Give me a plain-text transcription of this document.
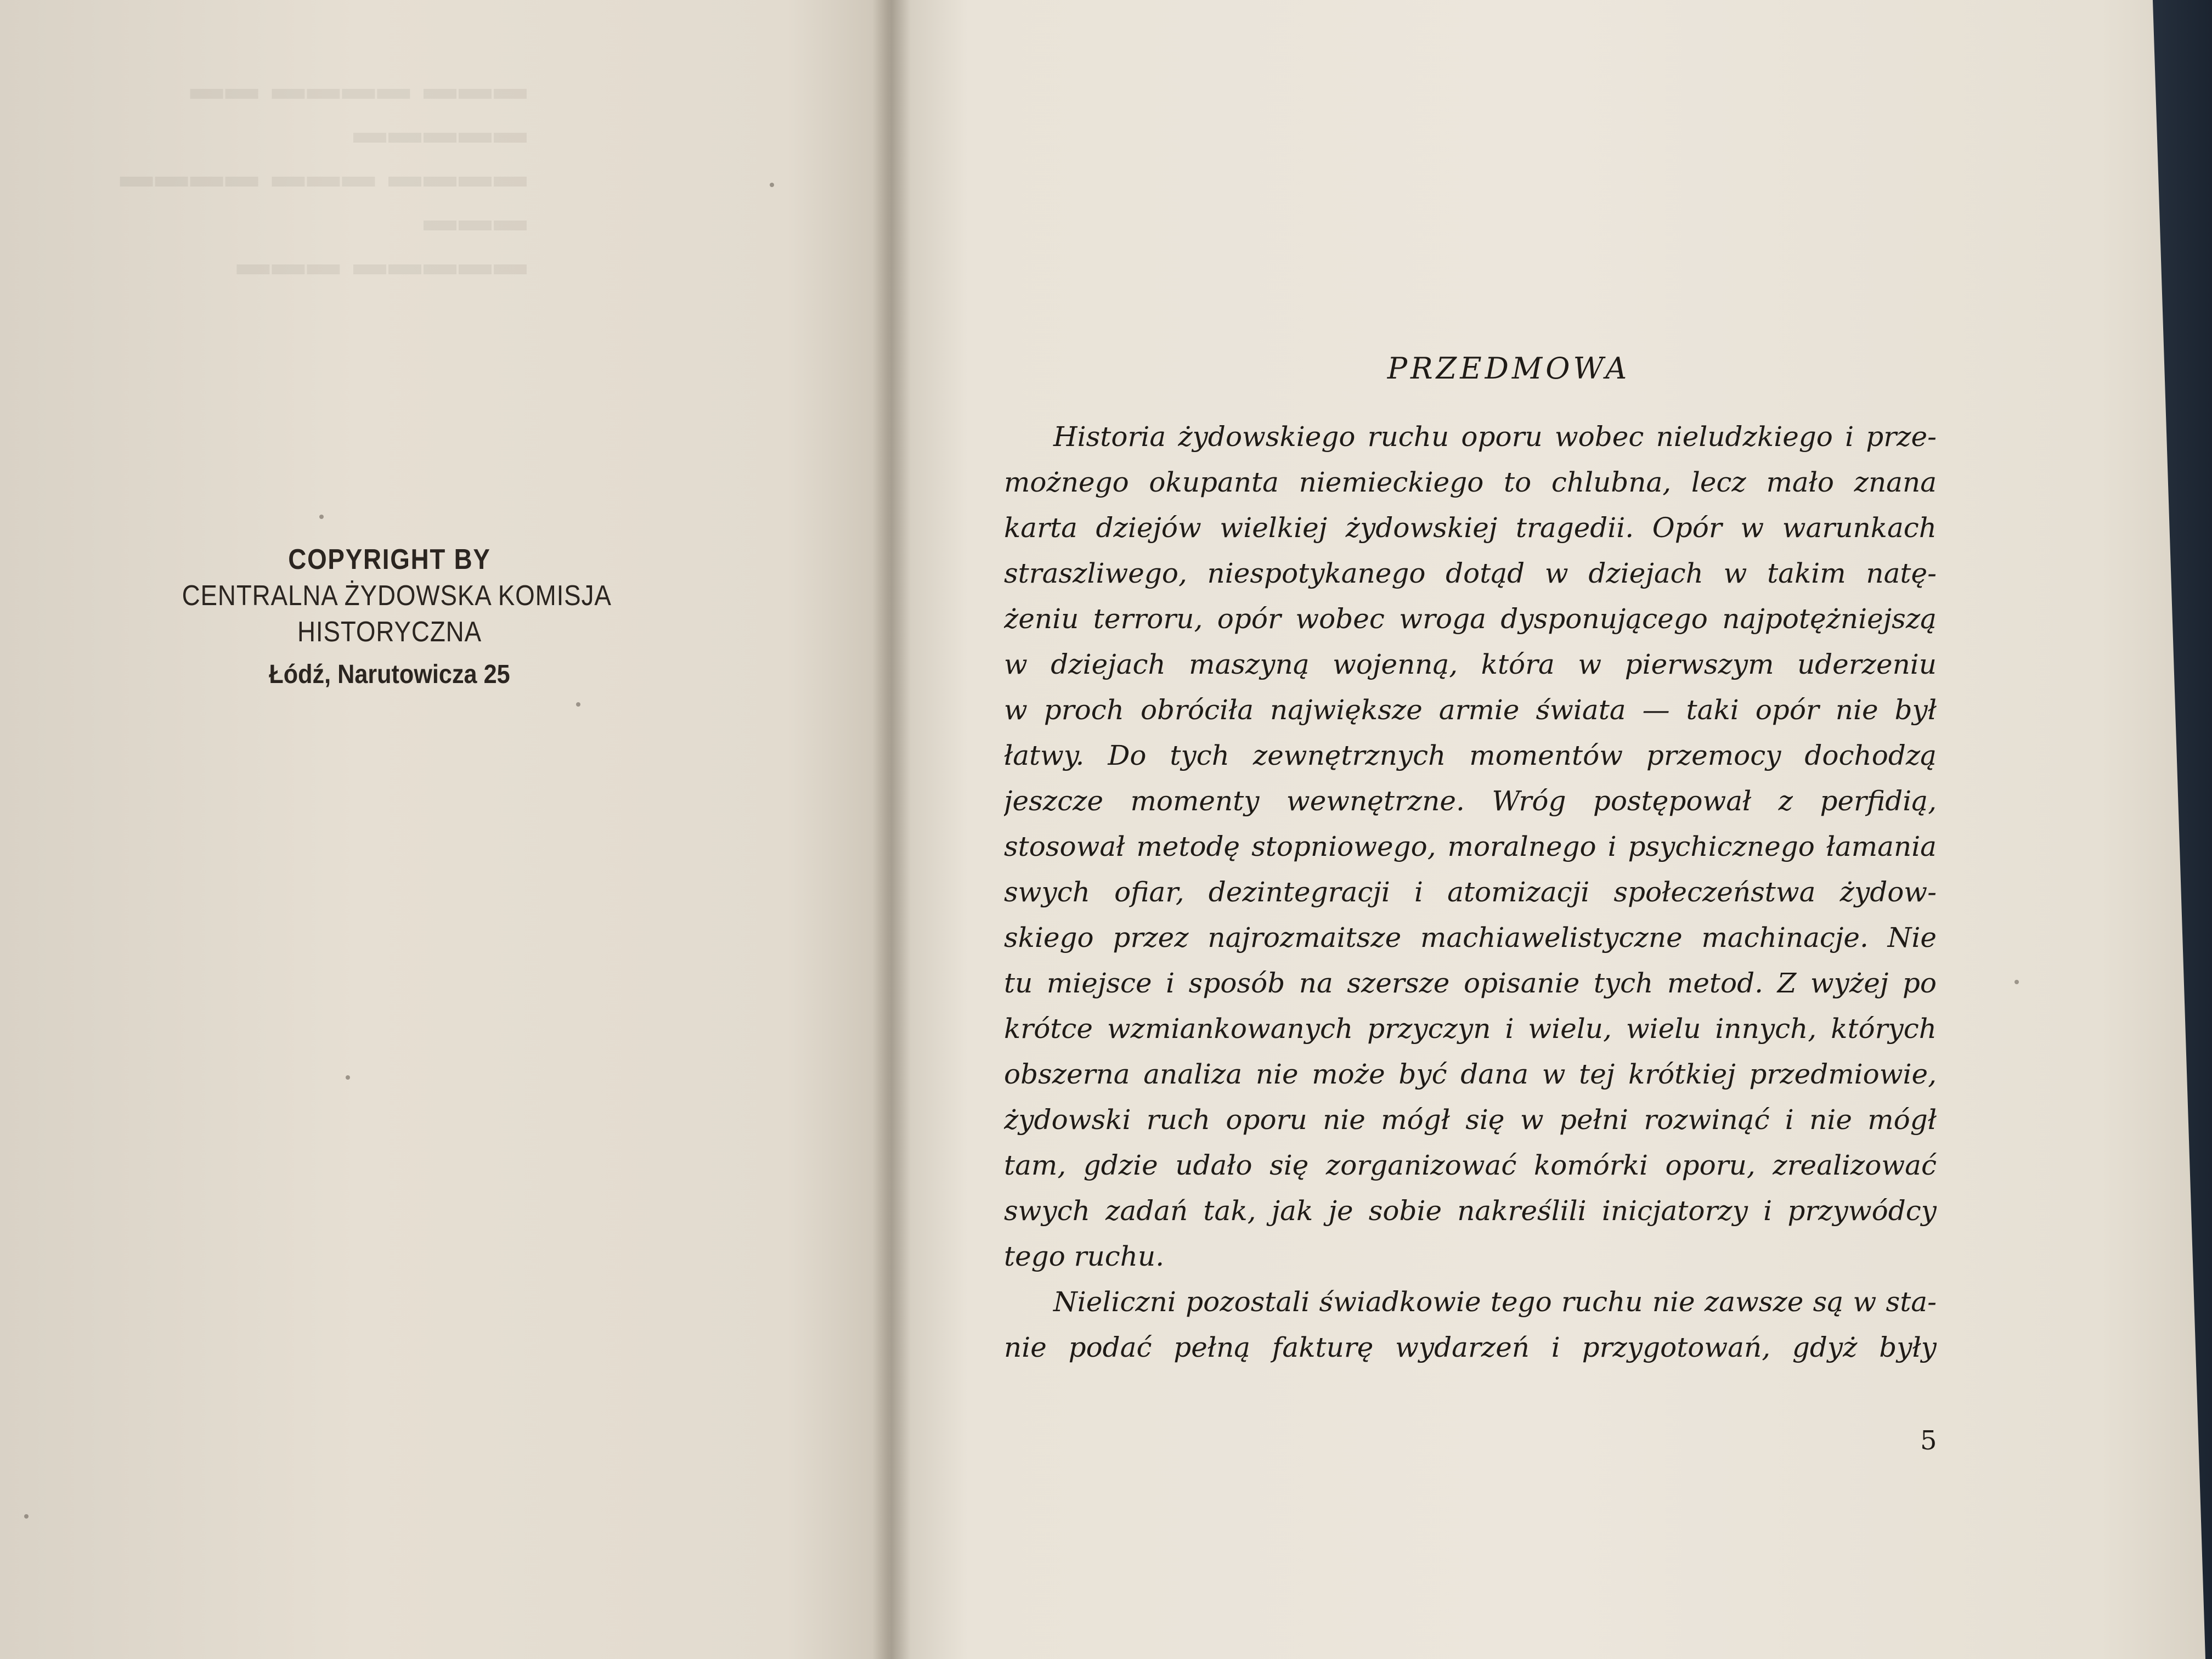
▬▬▬ ▬▬▬▬ ▬▬ ▬▬▬▬▬
▬▬▬▬ ▬▬▬ ▬▬▬▬ ▬▬▬
▬▬▬▬▬ ▬▬▬
COPYRIGHT BY
CENTRALNA ŻYDOWSKA KOMISJA
HISTORYCZNA
Łódź, Narutowicza 25
PRZEDMOWA
Historia żydowskiego ruchu oporu wobec nieludzkiego i prze-
możnego okupanta niemieckiego to chlubna, lecz mało znana
karta dziejów wielkiej żydowskiej tragedii. Opór w warunkach
straszliwego, niespotykanego dotąd w dziejach w takim natę-
żeniu terroru, opór wobec wroga dysponującego najpotężniejszą
w dziejach maszyną wojenną, która w pierwszym uderzeniu
w proch obróciła największe armie świata — taki opór nie był
łatwy. Do tych zewnętrznych momentów przemocy dochodzą
jeszcze momenty wewnętrzne. Wróg postępował z perfidią,
stosował metodę stopniowego, moralnego i psychicznego łamania
swych ofiar, dezintegracji i atomizacji społeczeństwa żydow-
skiego przez najrozmaitsze machiawelistyczne machinacje. Nie
tu miejsce i sposób na szersze opisanie tych metod. Z wyżej po
krótce wzmiankowanych przyczyn i wielu, wielu innych, których
obszerna analiza nie może być dana w tej krótkiej przedmiowie,
żydowski ruch oporu nie mógł się w pełni rozwinąć i nie mógł
tam, gdzie udało się zorganizować komórki oporu, zrealizować
swych zadań tak, jak je sobie nakreślili inicjatorzy i przywódcy
tego ruchu.
Nieliczni pozostali świadkowie tego ruchu nie zawsze są w sta-
nie podać pełną fakturę wydarzeń i przygotowań, gdyż były
5
